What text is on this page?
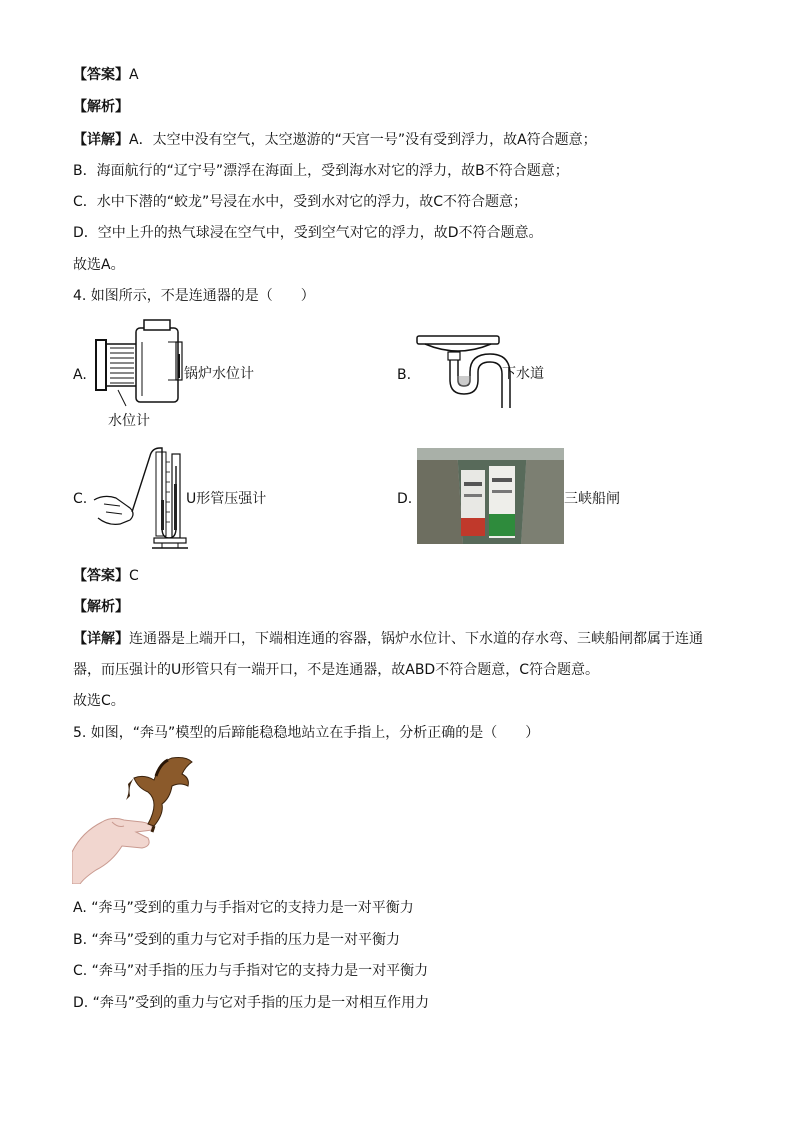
【答案】A
【解析】
【详解】A．太空中没有空气，太空遨游的“天宫一号”没有受到浮力，故A符合题意；
B．海面航行的“辽宁号”漂浮在海面上，受到海水对它的浮力，故B不符合题意；
C．水中下潜的“蛟龙”号浸在水中，受到水对它的浮力，故C不符合题意；
D．空中上升的热气球浸在空气中，受到空气对它的浮力，故D不符合题意。
故选A。
4. 如图所示，不是连通器的是（　　）
A.	锅炉水位计
水位计
B.	下水道
C.	U形管压强计	D.	三峡船闸
【答案】C
【解析】
【详解】连通器是上端开口，下端相连通的容器，锅炉水位计、下水道的存水弯、三峡船闸都属于连通
器，而压强计的U形管只有一端开口，不是连通器，故ABD不符合题意，C符合题意。
故选C。
5. 如图，“奔马”模型的后蹄能稳稳地站立在手指上，分析正确的是（　　）
A. “奔马”受到的重力与手指对它的支持力是一对平衡力
B. “奔马”受到的重力与它对手指的压力是一对平衡力
C. “奔马”对手指的压力与手指对它的支持力是一对平衡力
D. “奔马”受到的重力与它对手指的压力是一对相互作用力
